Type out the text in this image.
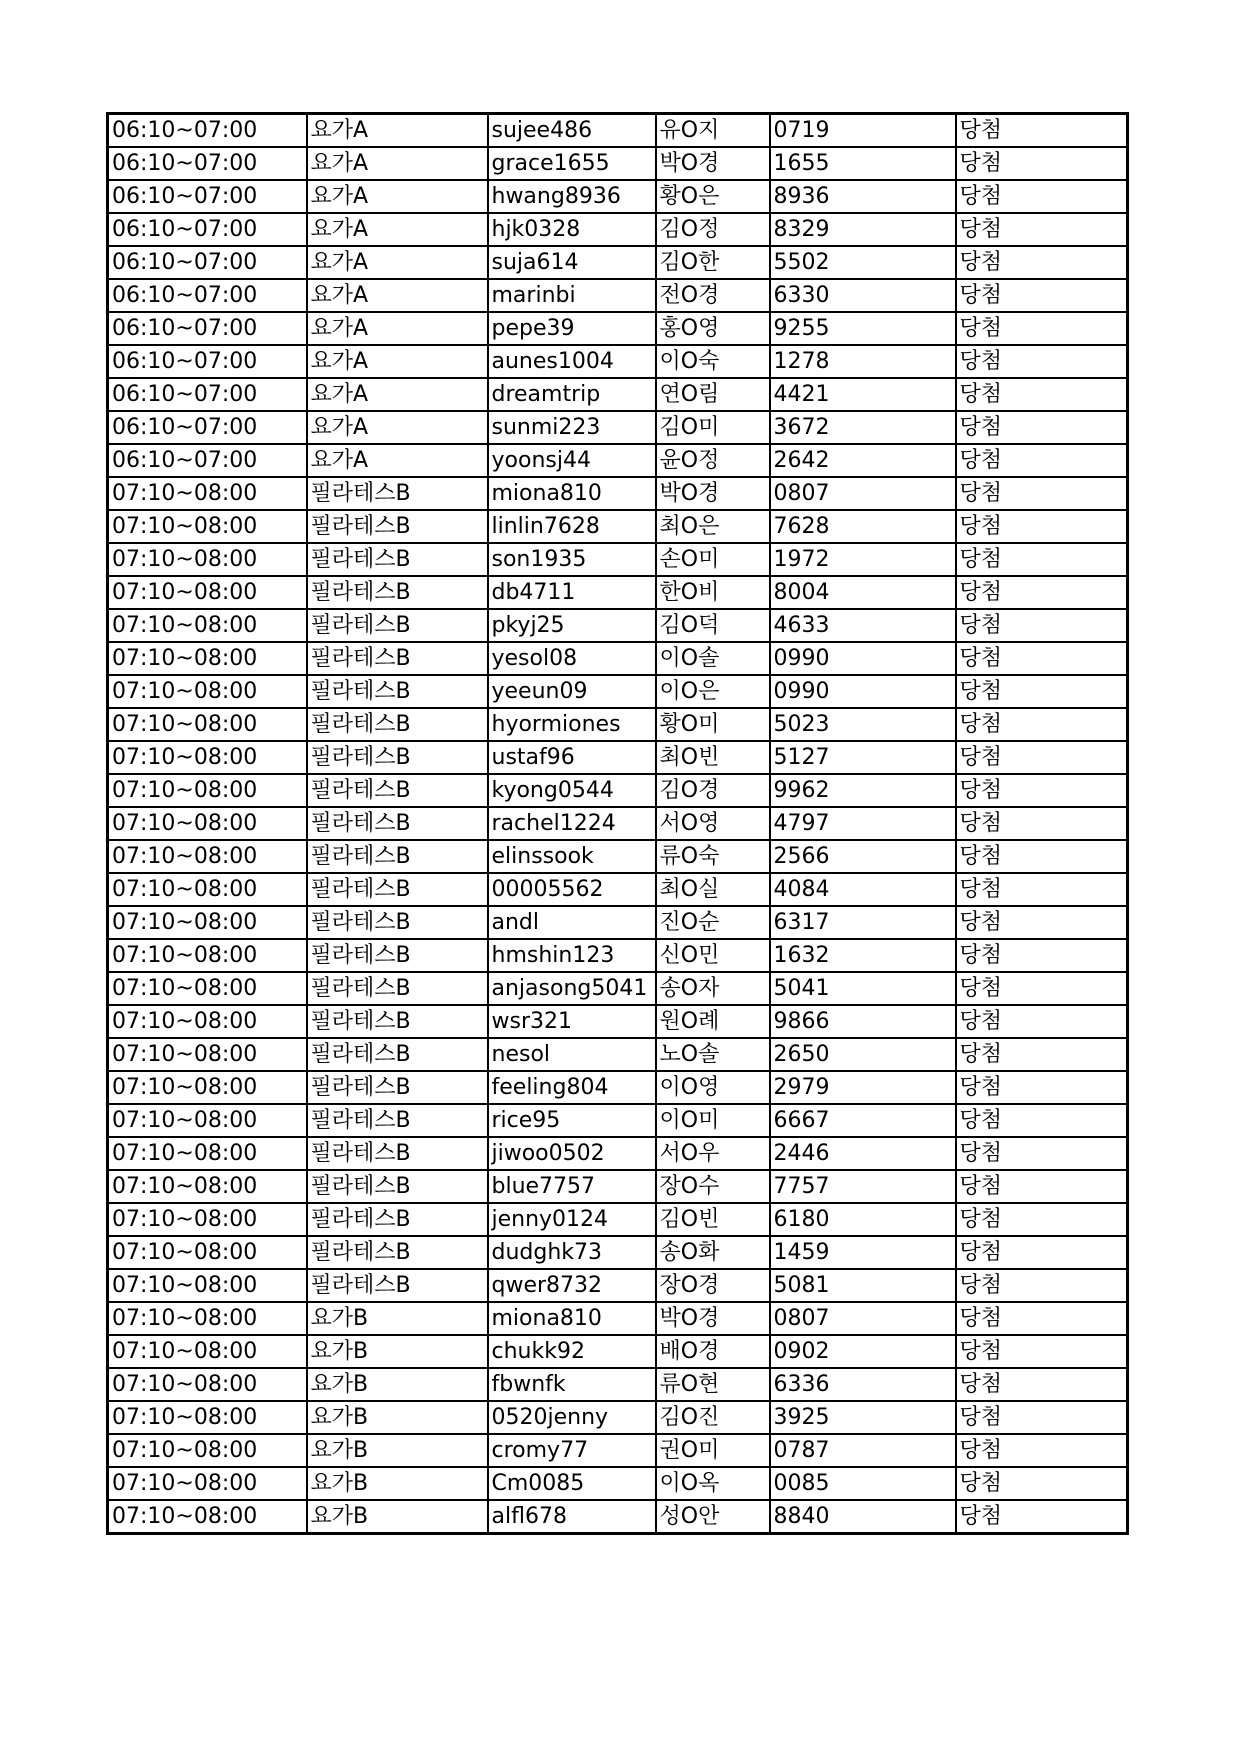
06:10~07:00	요가A	sujee486	유O지	0719	당첨
06:10~07:00	요가A	grace1655	박O경	1655	당첨
06:10~07:00	요가A	hwang8936	황O은	8936	당첨
06:10~07:00	요가A	hjk0328	김O정	8329	당첨
06:10~07:00	요가A	suja614	김O한	5502	당첨
06:10~07:00	요가A	marinbi	전O경	6330	당첨
06:10~07:00	요가A	pepe39	홍O영	9255	당첨
06:10~07:00	요가A	aunes1004	이O숙	1278	당첨
06:10~07:00	요가A	dreamtrip	연O림	4421	당첨
06:10~07:00	요가A	sunmi223	김O미	3672	당첨
06:10~07:00	요가A	yoonsj44	윤O정	2642	당첨
07:10~08:00	필라테스B	miona810	박O경	0807	당첨
07:10~08:00	필라테스B	linlin7628	최O은	7628	당첨
07:10~08:00	필라테스B	son1935	손O미	1972	당첨
07:10~08:00	필라테스B	db4711	한O비	8004	당첨
07:10~08:00	필라테스B	pkyj25	김O덕	4633	당첨
07:10~08:00	필라테스B	yesol08	이O솔	0990	당첨
07:10~08:00	필라테스B	yeeun09	이O은	0990	당첨
07:10~08:00	필라테스B	hyormiones	황O미	5023	당첨
07:10~08:00	필라테스B	ustaf96	최O빈	5127	당첨
07:10~08:00	필라테스B	kyong0544	김O경	9962	당첨
07:10~08:00	필라테스B	rachel1224	서O영	4797	당첨
07:10~08:00	필라테스B	elinssook	류O숙	2566	당첨
07:10~08:00	필라테스B	00005562	최O실	4084	당첨
07:10~08:00	필라테스B	andl	진O순	6317	당첨
07:10~08:00	필라테스B	hmshin123	신O민	1632	당첨
07:10~08:00	필라테스B	anjasong5041	송O자	5041	당첨
07:10~08:00	필라테스B	wsr321	원O례	9866	당첨
07:10~08:00	필라테스B	nesol	노O솔	2650	당첨
07:10~08:00	필라테스B	feeling804	이O영	2979	당첨
07:10~08:00	필라테스B	rice95	이O미	6667	당첨
07:10~08:00	필라테스B	jiwoo0502	서O우	2446	당첨
07:10~08:00	필라테스B	blue7757	장O수	7757	당첨
07:10~08:00	필라테스B	jenny0124	김O빈	6180	당첨
07:10~08:00	필라테스B	dudghk73	송O화	1459	당첨
07:10~08:00	필라테스B	qwer8732	장O경	5081	당첨
07:10~08:00	요가B	miona810	박O경	0807	당첨
07:10~08:00	요가B	chukk92	배O경	0902	당첨
07:10~08:00	요가B	fbwnfk	류O현	6336	당첨
07:10~08:00	요가B	0520jenny	김O진	3925	당첨
07:10~08:00	요가B	cromy77	권O미	0787	당첨
07:10~08:00	요가B	Cm0085	이O옥	0085	당첨
07:10~08:00	요가B	alfl678	성O안	8840	당첨
